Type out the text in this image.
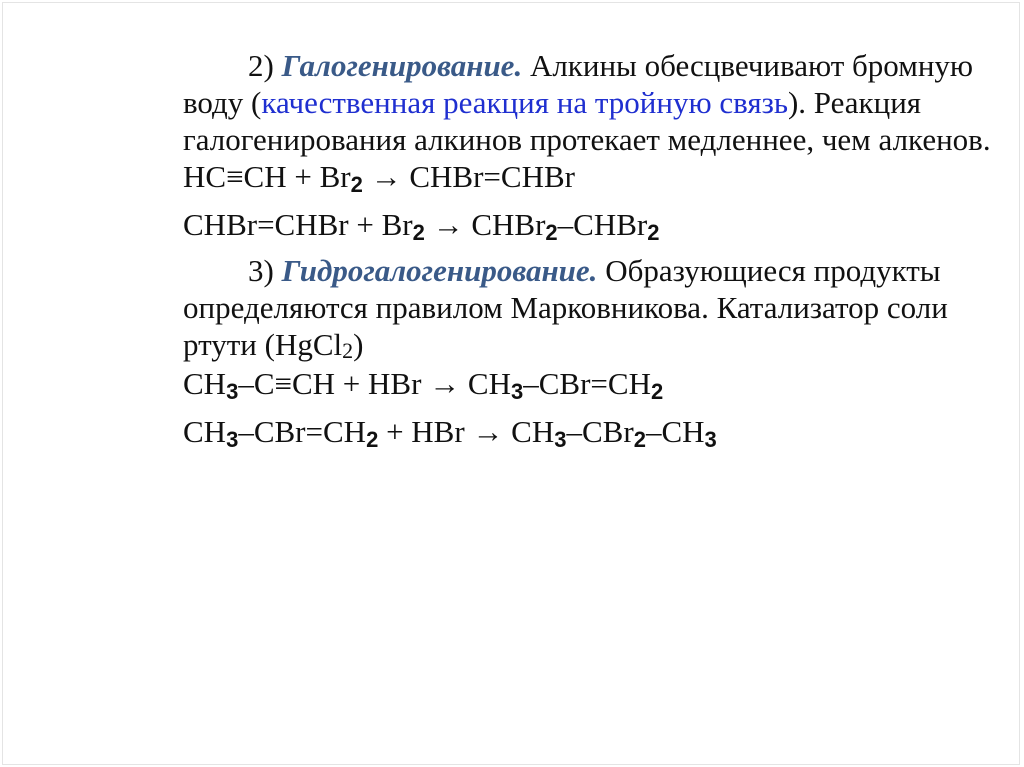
2) Галогенирование. Алкины обесцвечивают бромную воду (качественная реакция на тройную связь). Реакция галогенирования алкинов протекает медленнее, чем алкенов.

HC≡CH + Br2 → CHBr=CHBr

CHBr=CHBr + Br2 → CHBr2–CHBr2

3) Гидрогалогенирование. Образующиеся продукты определяются правилом Марковникова. Катализатор соли ртути (HgCl2)

CH3–C≡CH + HBr → CH3–CBr=CH2

CH3–CBr=CH2 + HBr → CH3–CBr2–CH3
